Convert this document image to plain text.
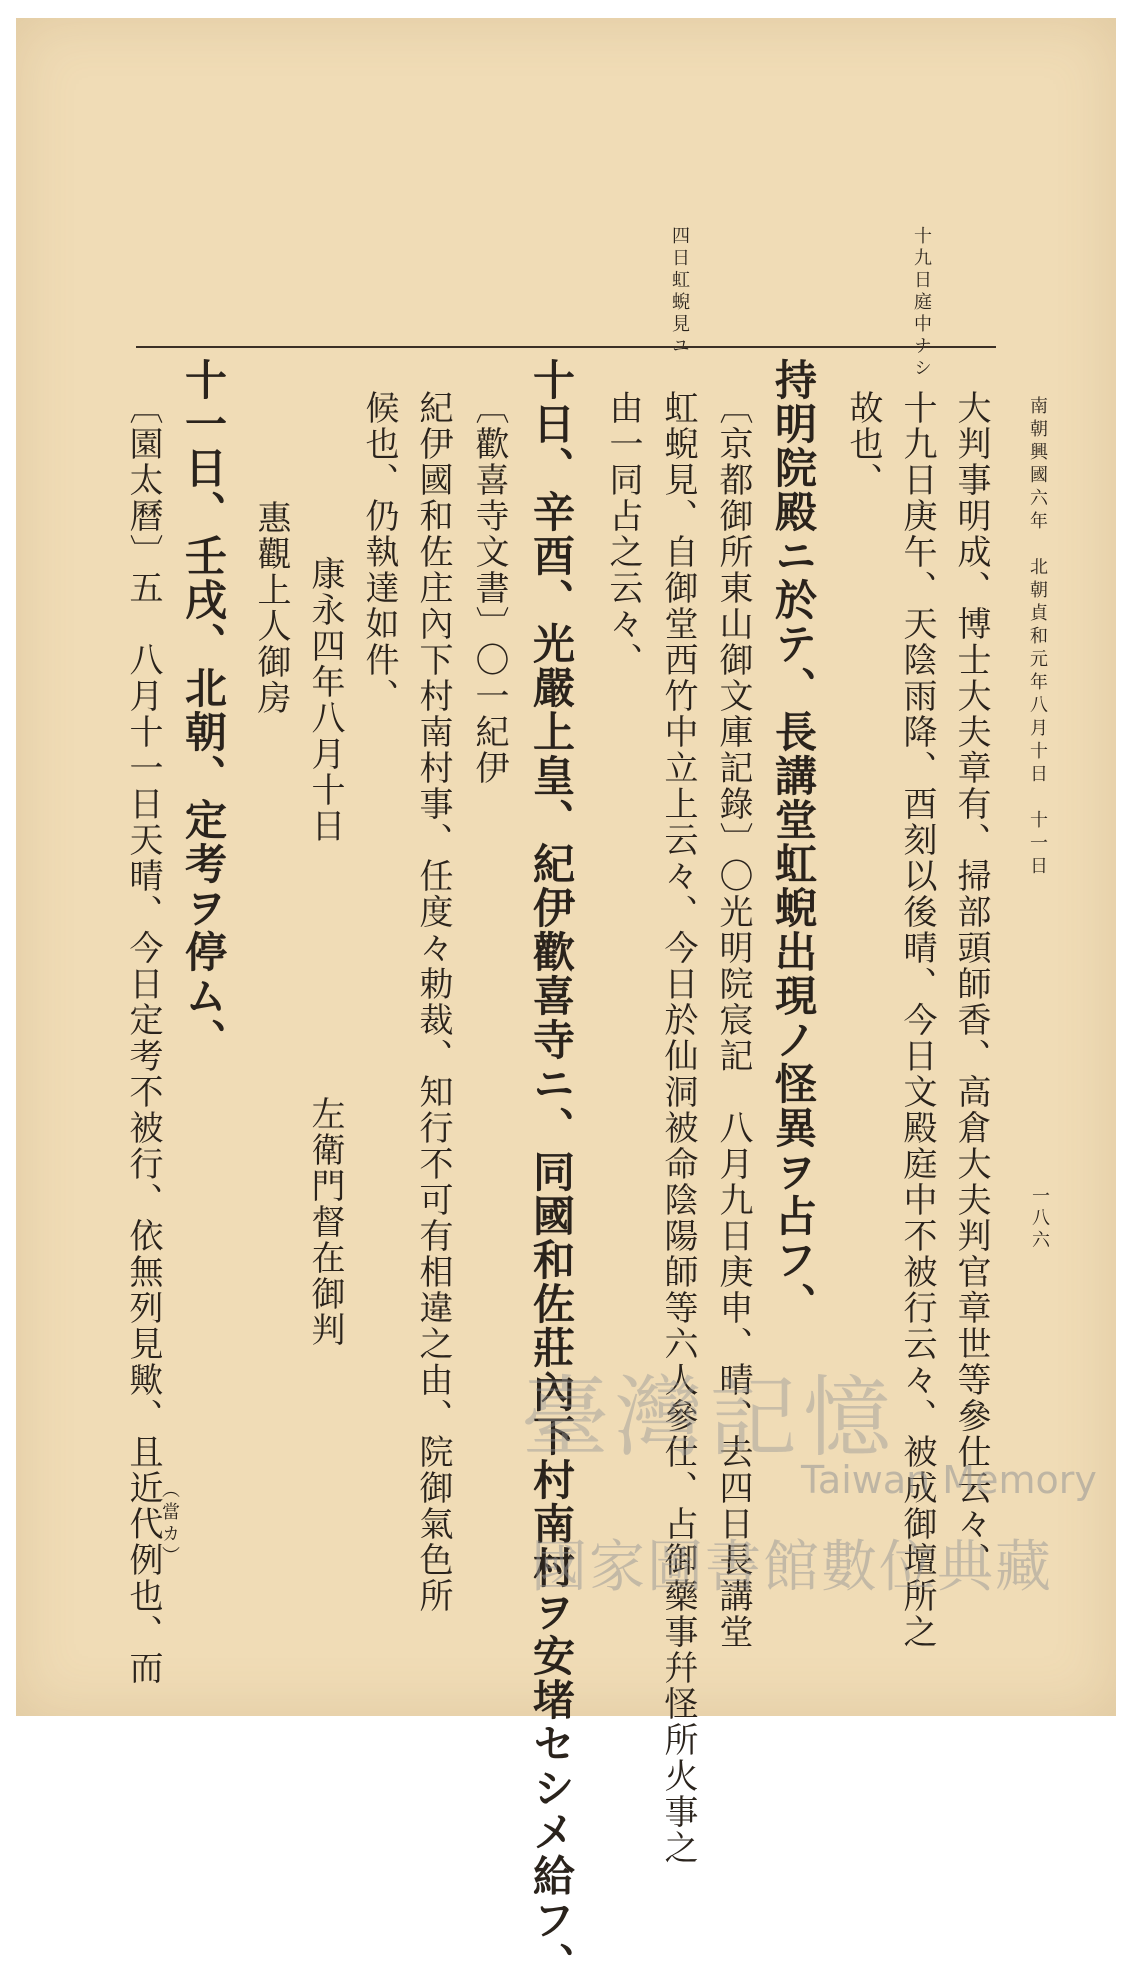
南朝興國六年　北朝貞和元年八月十日　十一日
一八六
十九日庭中ナシ
四日虹蜺見ユ
大判事明成、博士大夫章有、掃部頭師香、高倉大夫判官章世等參仕云々、
十九日庚午、天陰雨降、酉刻以後晴、今日文殿庭中不被行云々、被成御壇所之
故也、
持明院殿ニ於テ、長講堂虹蜺出現ノ怪異ヲ占フ、
〔京都御所東山御文庫記錄〕〇光明院宸記　八月九日庚申、晴、去四日長講堂
虹蜺見、自御堂西竹中立上云々、今日於仙洞被命陰陽師等六人參仕、占御藥事幷怪所火事之
由一同占之云々、
十日、辛酉、光嚴上皇、紀伊歡喜寺ニ、同國和佐莊內下村南村ヲ安堵セシメ給フ、
〔歡喜寺文書〕〇一紀伊
紀伊國和佐庄內下村南村事、任度々勅裁、知行不可有相違之由、院御氣色所
候也、仍執達如件、
康永四年八月十日
左衛門督在御判
惠觀上人御房
十一日、壬戌、北朝、定考ヲ停ム、
〔園太曆〕五　八月十一日天晴、今日定考不被行、依無列見歟、且近代例也、而
（當カ）
臺灣記憶
Taiwan Memory
國家圖書館數位典藏
